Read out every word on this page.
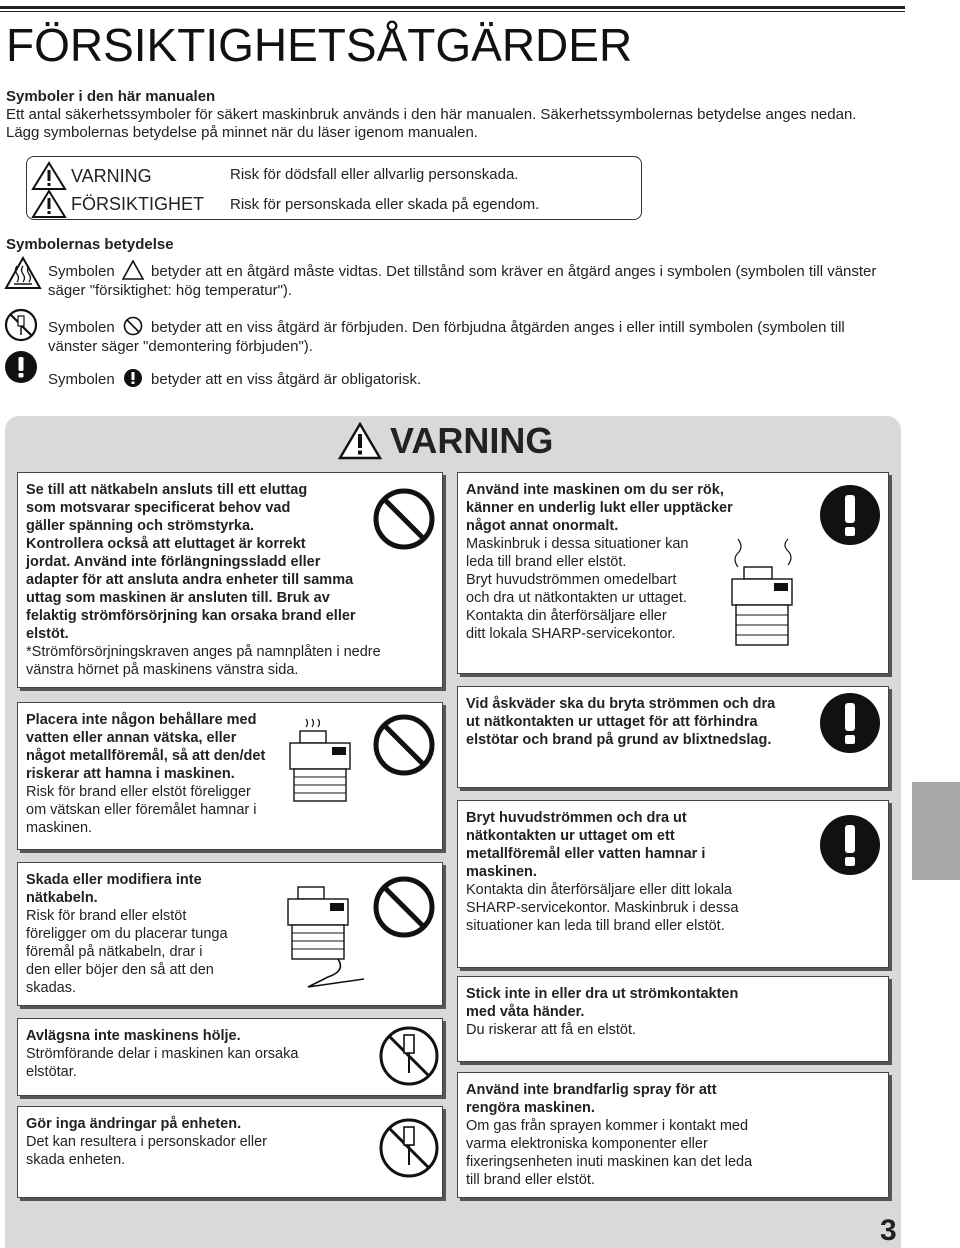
FÖRSIKTIGHETSÅTGÄRDER
Symboler i den här manualen
Ett antal säkerhetssymboler för säkert maskinbruk används i den här manualen. Säkerhetssymbolernas betydelse anges nedan.
Lägg symbolernas betydelse på minnet när du läser igenom manualen.
VARNING	Risk för dödsfall eller allvarlig personskada.
FÖRSIKTIGHET Risk för personskada eller skada på egendom.
Symbolernas betydelse
Symbolen betyder att en åtgärd måste vidtas. Det tillstånd som kräver en åtgärd anges i symbolen (symbolen till vänster
säger "försiktighet: hög temperatur").
Symbolen betyder att en viss åtgärd är förbjuden. Den förbjudna åtgärden anges i eller intill symbolen (symbolen till
vänster säger "demontering förbjuden").
Symbolen betyder att en viss åtgärd är obligatorisk.
VARNING
Se till att nätkabeln ansluts till ett eluttag
som motsvarar specificerat behov vad
gäller spänning och strömstyrka.
Kontrollera också att eluttaget är korrekt
jordat. Använd inte förlängningssladd eller
adapter för att ansluta andra enheter till samma
uttag som maskinen är ansluten till. Bruk av
felaktig strömförsörjning kan orsaka brand eller
elstöt.
*Strömförsörjningskraven anges på namnplåten i nedre
vänstra hörnet på maskinens vänstra sida.
Placera inte någon behållare med
vatten eller annan vätska, eller
något metallföremål, så att den/det
riskerar att hamna i maskinen.
Risk för brand eller elstöt föreligger
om vätskan eller föremålet hamnar i
maskinen.
Skada eller modifiera inte
nätkabeln.
Risk för brand eller elstöt
föreligger om du placerar tunga
föremål på nätkabeln, drar i
den eller böjer den så att den
skadas.
Avlägsna inte maskinens hölje.
Strömförande delar i maskinen kan orsaka
elstötar.
Gör inga ändringar på enheten.
Det kan resultera i personskador eller
skada enheten.
Använd inte maskinen om du ser rök,
känner en underlig lukt eller upptäcker
något annat onormalt.
Maskinbruk i dessa situationer kan
leda till brand eller elstöt.
Bryt huvudströmmen omedelbart
och dra ut nätkontakten ur uttaget.
Kontakta din återförsäljare eller
ditt lokala SHARP-servicekontor.
Vid åskväder ska du bryta strömmen och dra
ut nätkontakten ur uttaget för att förhindra
elstötar och brand på grund av blixtnedslag.
Bryt huvudströmmen och dra ut
nätkontakten ur uttaget om ett
metallföremål eller vatten hamnar i
maskinen.
Kontakta din återförsäljare eller ditt lokala
SHARP-servicekontor. Maskinbruk i dessa
situationer kan leda till brand eller elstöt.
Stick inte in eller dra ut strömkontakten
med våta händer.
Du riskerar att få en elstöt.
Använd inte brandfarlig spray för att
rengöra maskinen.
Om gas från sprayen kommer i kontakt med
varma elektroniska komponenter eller
fixeringsenheten inuti maskinen kan det leda
till brand eller elstöt.
3
